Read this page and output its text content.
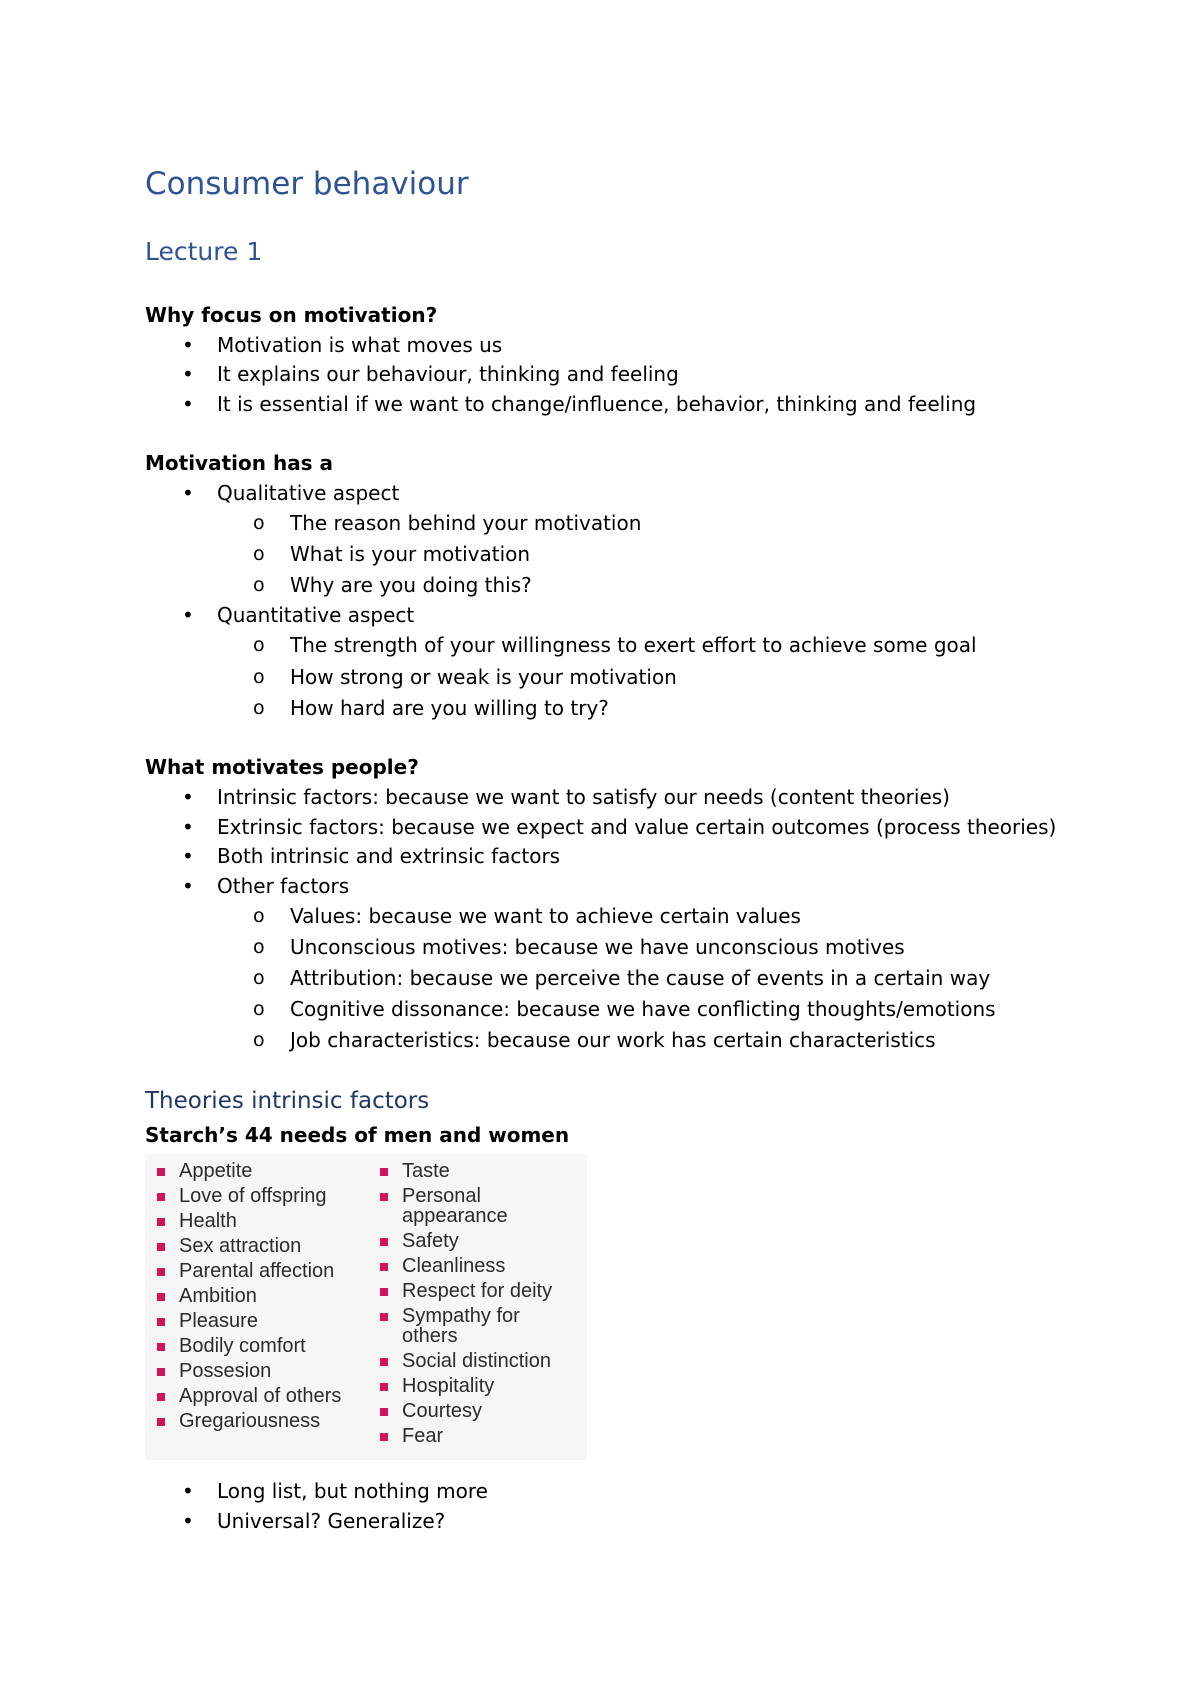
Consumer behaviour
Lecture 1
Why focus on motivation?
• Motivation is what moves us
• It explains our behaviour, thinking and feeling
• It is essential if we want to change/influence, behavior, thinking and feeling
Motivation has a
• Qualitative aspect
o The reason behind your motivation
o What is your motivation
o Why are you doing this?
• Quantitative aspect
o The strength of your willingness to exert effort to achieve some goal
o How strong or weak is your motivation
o How hard are you willing to try?
What motivates people?
• Intrinsic factors: because we want to satisfy our needs (content theories)
• Extrinsic factors: because we expect and value certain outcomes (process theories)
• Both intrinsic and extrinsic factors
• Other factors
o Values: because we want to achieve certain values
o Unconscious motives: because we have unconscious motives
o Attribution: because we perceive the cause of events in a certain way
o Cognitive dissonance: because we have conflicting thoughts/emotions
o Job characteristics: because our work has certain characteristics
Theories intrinsic factors
Starch’s 44 needs of men and women
Appetite
Love of offspring
Health
Sex attraction
Parental affection
Ambition
Pleasure
Bodily comfort
Possesion
Approval of others
Gregariousness
Taste
Personal
appearance
Safety
Cleanliness
Respect for deity
Sympathy for
others
Social distinction
Hospitality
Courtesy
Fear
• Long list, but nothing more
• Universal? Generalize?
